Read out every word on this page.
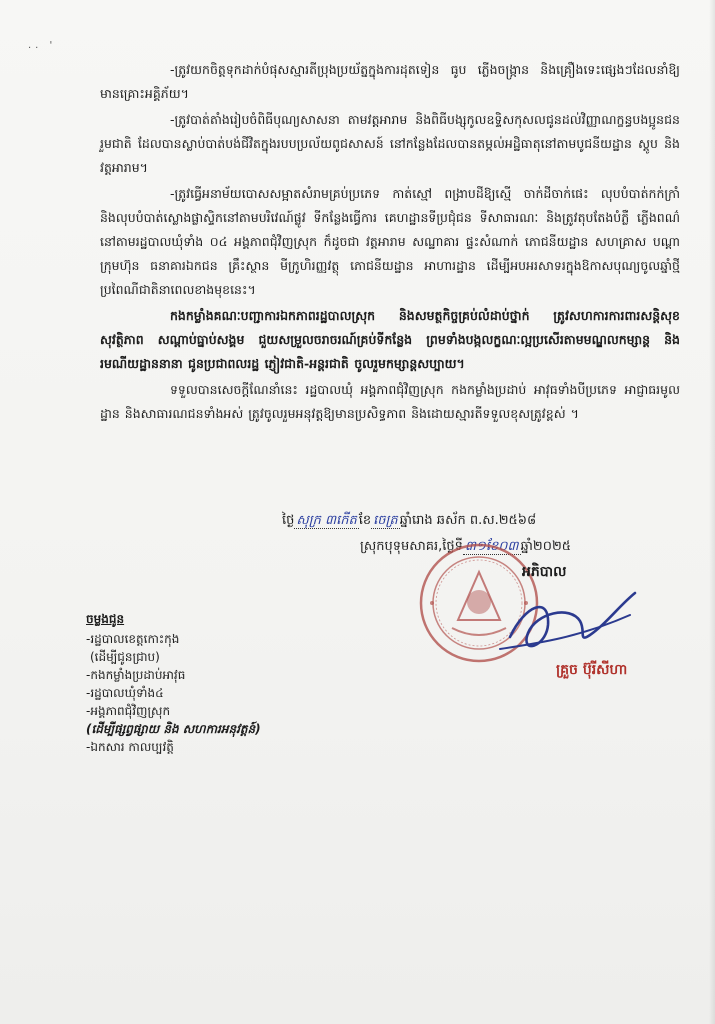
.. '

-ត្រូវយកចិត្តទុកដាក់បំផុសស្មារតីប្រុងប្រយ័ត្នក្នុងការដុតទៀន ធូប ភ្លើងចង្រ្កាន និងគ្រឿងទេះផ្សេងៗដែលនាំឱ្យមានគ្រោះអគ្គិភ័យ។

-ត្រូវបាត់តាំងរៀបចំពិធីបុណ្យសាសនា តាមវត្តអារាម និងពិធីបង្សុកូលឧទ្ទិសកុសលជូនដល់វិញ្ញាណក្ខន្ធបងប្អូនជនរួមជាតិ ដែលបានស្លាប់បាត់បង់ជីវិតក្នុងរបបប្រល័យពូជសាសន៍ នៅកន្លែងដែលបានតម្កល់អដ្ឋិធាតុនៅតាមបូជនីយដ្ឋាន ស្តូប និងវត្តអារាម។

-ត្រូវធ្វើអនាម័យបោសសម្អាតសំរាមគ្រប់ប្រភេទ កាត់ស្មៅ ពង្រាបដីឱ្យស្មើ ចាក់ដីចាក់ផេះ លុបបំបាត់កក់ក្រាំ និងលុបបំបាត់ស្លោងផ្លាស្ទិកនៅតាមបរិវេណ៍ផ្លូវ ទីកន្លែងធ្វើការ គេហដ្ឋានទីប្រជុំជន ទីសាធារណៈ និងត្រូវតុបតែងបំភ្លឺ ភ្លើងពណ៌នៅតាមរដ្ឋបាលឃុំទាំង ០៤ អង្គភាពជុំវិញស្រុក ក៏ដូចជា វត្តអារាម សណ្ឋាគារ ផ្ទះសំណាក់ ភោជនីយដ្ឋាន សហគ្រាស បណ្តាក្រុមហ៊ុន ធនាគារឯកជន គ្រឹះស្ថាន មីក្រូហិរញ្ញវត្ថុ ភោជនីយដ្ឋាន អាហារដ្ឋាន ដើម្បីអបអរសាទរក្នុងឱកាសបុណ្យចូលឆ្នាំថ្មី ប្រពៃណីជាតិនាពេលខាងមុខនេះ។

កងកម្លាំងគណៈបញ្ជាការឯកភាពរដ្ឋបាលស្រុក និងសមត្ថកិច្ចគ្រប់លំដាប់ថ្នាក់ ត្រូវសហការការពារសន្តិសុខ សុវត្ថិភាព សណ្តាប់ធ្នាប់សង្គម ជួយសម្រួលចរាចរណ៍គ្រប់ទីកន្លែង ព្រមទាំងបង្កលក្ខណៈល្អប្រសើរតាមមណ្ឌលកម្សាន្ត និងរមណីយដ្ឋាននានា ជូនប្រជាពលរដ្ឋ ភ្ញៀវជាតិ-អន្តរជាតិ ចូលរួមកម្សាន្តសប្បាយ។

ទទួលបានសេចក្តីណែនាំនេះ រដ្ឋបាលឃុំ អង្គភាពជុំវិញស្រុក កងកម្លាំងប្រដាប់ អាវុធទាំងបីប្រភេទ អាជ្ញាធរមូលដ្ឋាន និងសាធារណជនទាំងអស់ ត្រូវចូលរួមអនុវត្តឱ្យមានប្រសិទ្ធភាព និងដោយស្មារតីទទួលខុសត្រូវខ្ពស់ ។

ថ្ងៃ សុក្រ ៣កើត ខែ ចេត្រ ឆ្នាំរោង ឆស័ក ព.ស.២៥៦៨
ស្រុកបុទុមសាគរ,ថ្ងៃទី ៣១ខែ០៣ ឆ្នាំ២០២៥
អភិបាល
គ្រួច ប៊ុរីសីហា
ចម្លងជូន
-រដ្ឋបាលខេត្តកោះកុង
(ដើម្បីជូនជ្រាប)
-កងកម្លាំងប្រដាប់អាវុធ
-រដ្ឋបាលឃុំទាំង៤
-អង្គភាពជុំវិញស្រុក
(ដើម្បីផ្សព្វផ្សាយ និង សហការអនុវត្តន៍)
-ឯកសារ កាលប្បវត្តិ
